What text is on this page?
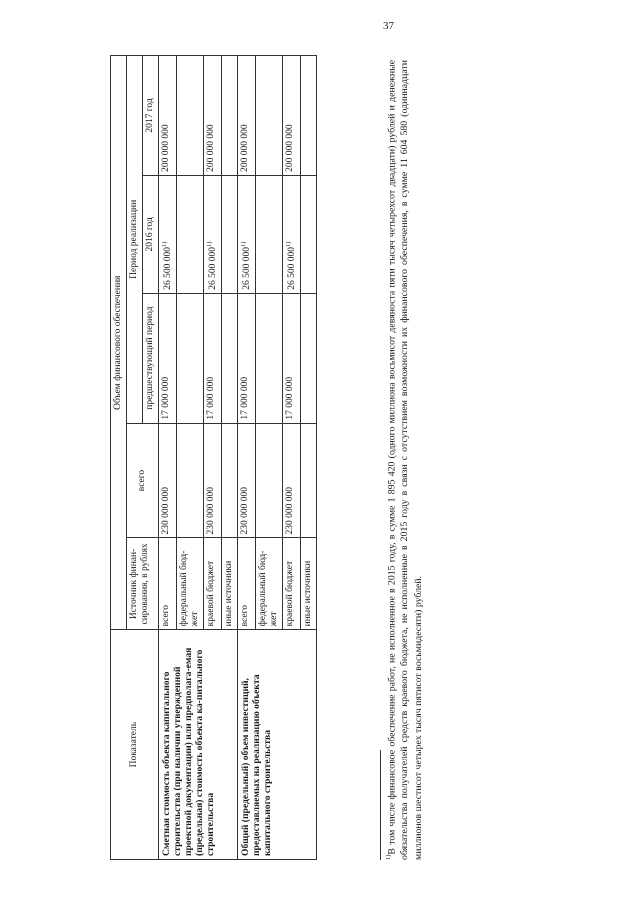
37
Показатель	Объем финансового обеспечения				
	Источник финан-сирования, в рублях	всего	Период реализации		
			предшествующий период	2016 год	2017 год
Сметная стоимость объекта капитального строительства (при наличии утвержденной проектной документации) или предполага-емая (предельная) стоимость объекта ка-питального строительства	всего	230 000 000	17 000 000	26 500 000$^{1)}$	200 000 000
	федеральный бюд-жет				
	краевой бюджет	230 000 000	17 000 000	26 500 000$^{1)}$	200 000 000
	иные источники				
Общий (предельный) объем инвестиций, предоставляемых на реализацию объекта капитального строительства	всего	230 000 000	17 000 000	26 500 000$^{1)}$	200 000 000
	федеральный бюд-жет				
	краевой бюджет	230 000 000	17 000 000	26 500 000$^{1)}$	200 000 000
	иные источники				

$^{1)}$В том числе финансовое обеспечение работ, не исполненное в 2015 году, в сумме 1 895 420 (одного миллиона восьмисот девяноста пяти тысяч четырехсот двадцати) рублей и денежные обязательства получателей средств краевого бюджета, не исполненные в 2015 году в связи с отсутствием возможности их финансового обеспечения, в сумме 11 604 580 (одиннадцати миллионов шестисот четырех тысяч пятисот восьмидесяти) рублей.
